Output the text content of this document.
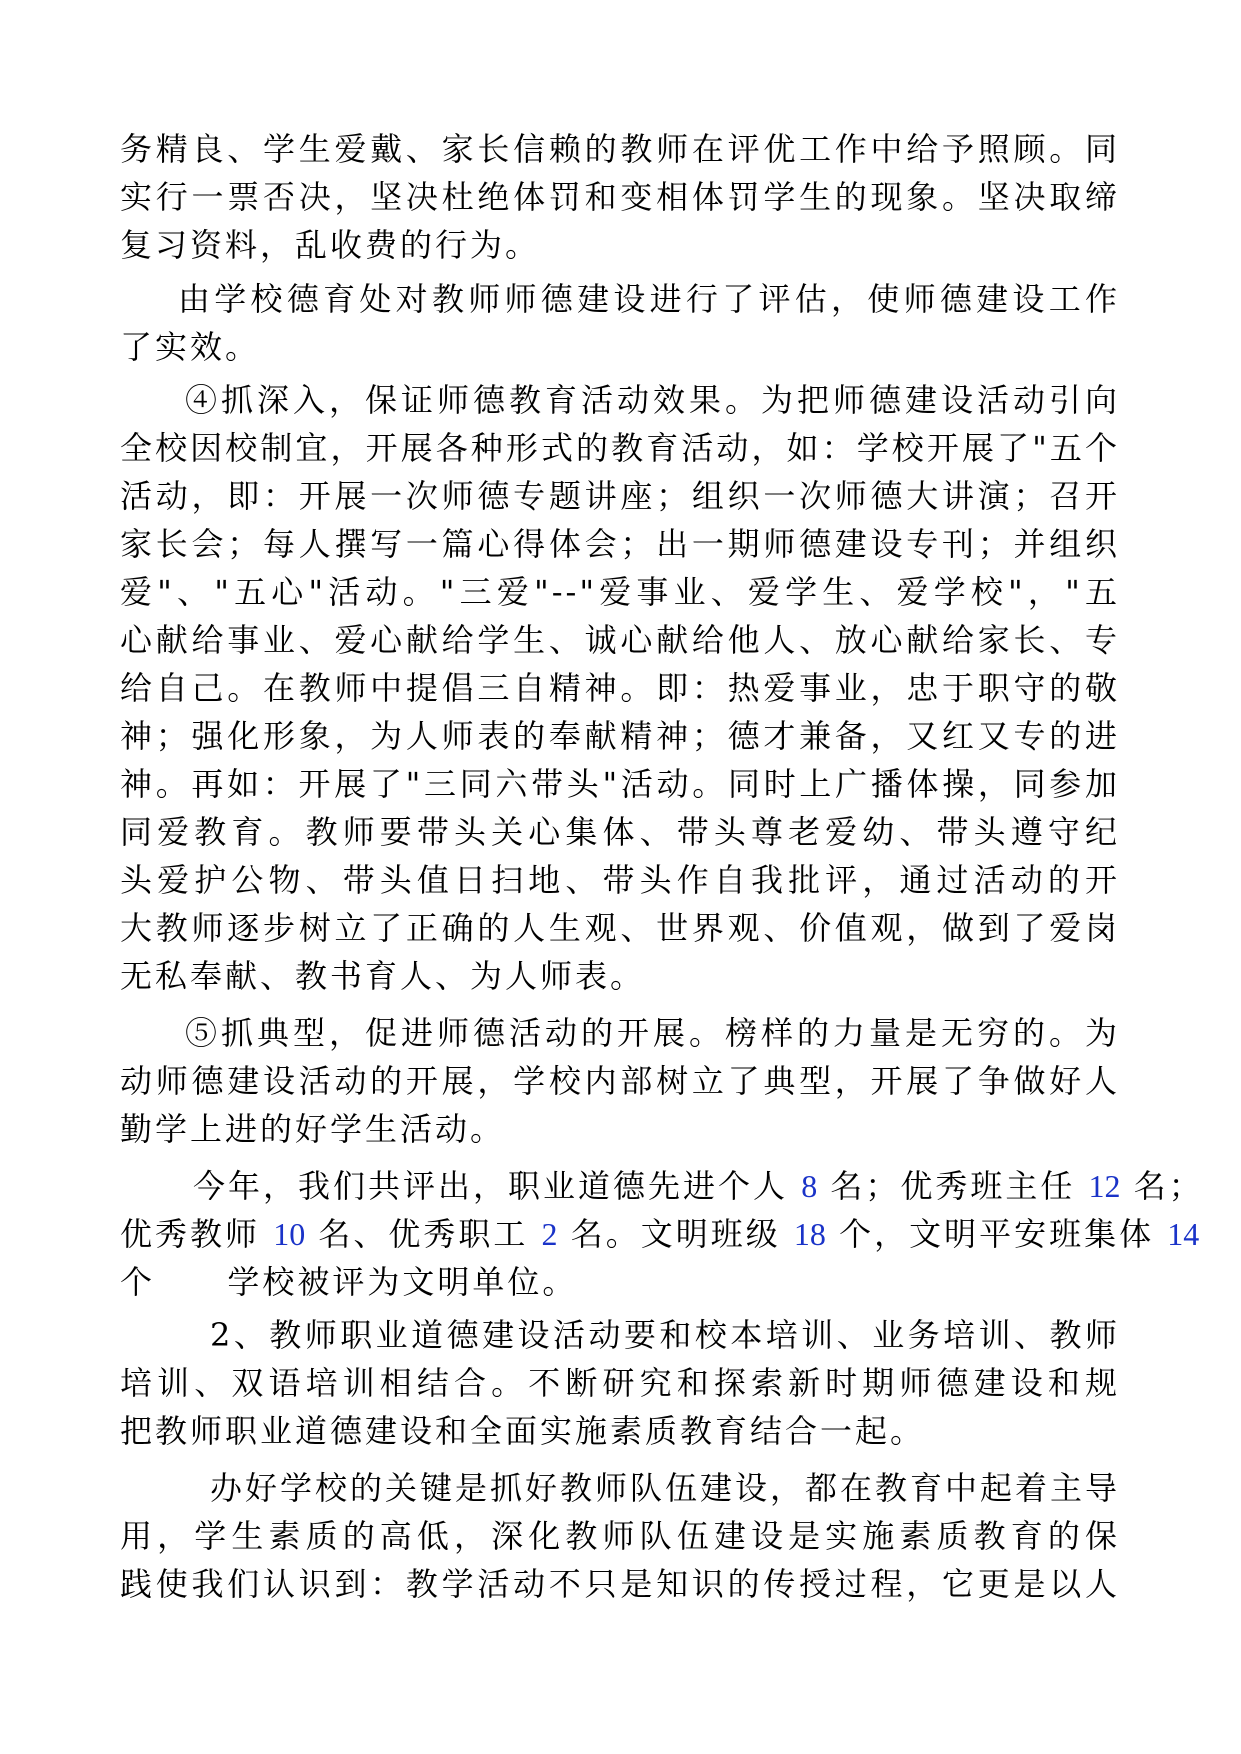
务精良、学生爱戴、家长信赖的教师在评优工作中给予照顾。同
实行一票否决，坚决杜绝体罚和变相体罚学生的现象。坚决取缔
复习资料，乱收费的行为。
由学校德育处对教师师德建设进行了评估，使师德建设工作
了实效。
④抓深入，保证师德教育活动效果。为把师德建设活动引向
全校因校制宜，开展各种形式的教育活动，如：学校开展了"五个
活动，即：开展一次师德专题讲座；组织一次师德大讲演；召开
家长会；每人撰写一篇心得体会；出一期师德建设专刊；并组织
爱"、"五心"活动。"三爱"--"爱事业、爱学生、爱学校"，"五
心献给事业、爱心献给学生、诚心献给他人、放心献给家长、专
给自己。在教师中提倡三自精神。即：热爱事业，忠于职守的敬
神；强化形象，为人师表的奉献精神；德才兼备，又红又专的进
神。再如：开展了"三同六带头"活动。同时上广播体操，同参加
同爱教育。教师要带头关心集体、带头尊老爱幼、带头遵守纪
头爱护公物、带头值日扫地、带头作自我批评，通过活动的开
大教师逐步树立了正确的人生观、世界观、价值观，做到了爱岗
无私奉献、教书育人、为人师表。
⑤抓典型，促进师德活动的开展。榜样的力量是无穷的。为
动师德建设活动的开展，学校内部树立了典型，开展了争做好人
勤学上进的好学生活动。
今年，我们共评出，职业道德先进个人 8 名；优秀班主任 12 名；
优秀教师 10 名、优秀职工 2 名。文明班级 18 个，文明平安班集体 14
个 学校被评为文明单位。
2、教师职业道德建设活动要和校本培训、业务培训、教师
培训、双语培训相结合。不断研究和探索新时期师德建设和规
把教师职业道德建设和全面实施素质教育结合一起。
办好学校的关键是抓好教师队伍建设，都在教育中起着主导
用，学生素质的高低，深化教师队伍建设是实施素质教育的保
践使我们认识到：教学活动不只是知识的传授过程，它更是以人
